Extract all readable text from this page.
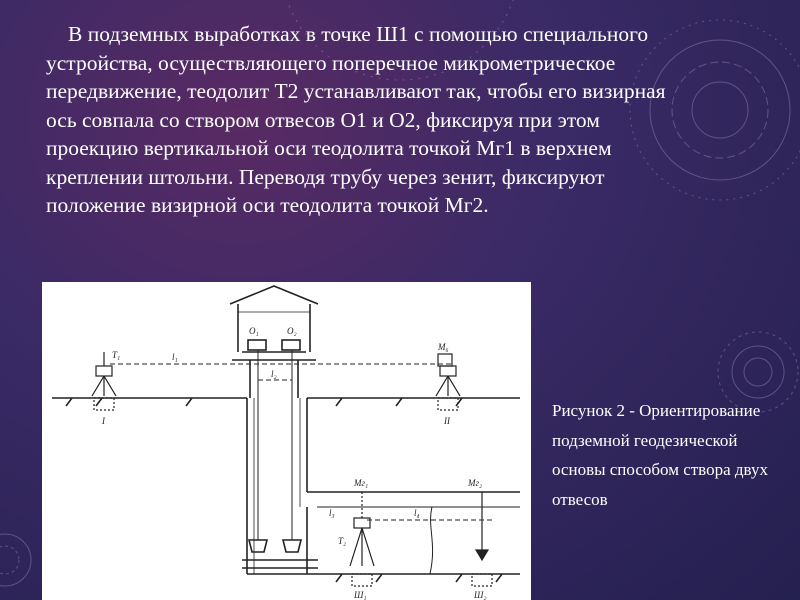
В подземных выработках в точке Ш1 с помощью специального устройства, осуществляющего поперечное микрометрическое передвижение, теодолит Т2 устанавливают так, чтобы его визирная ось совпала со створом отвесов О1 и О2, фиксируя при этом проекцию вертикальной оси теодолита точкой Мг1 в верхнем креплении штольни. Переводя трубу через зенит, фиксируют положение визирной оси теодолита точкой Мг2.

O₁	O₂
T₁	l₁
l₂
M₆
Mг₁	Mг₂
l₃	l₄
T₂
Ш₁	Ш₂
I	II

Рисунок 2 - Ориентирование подземной геодезической основы способом створа двух отвесов
